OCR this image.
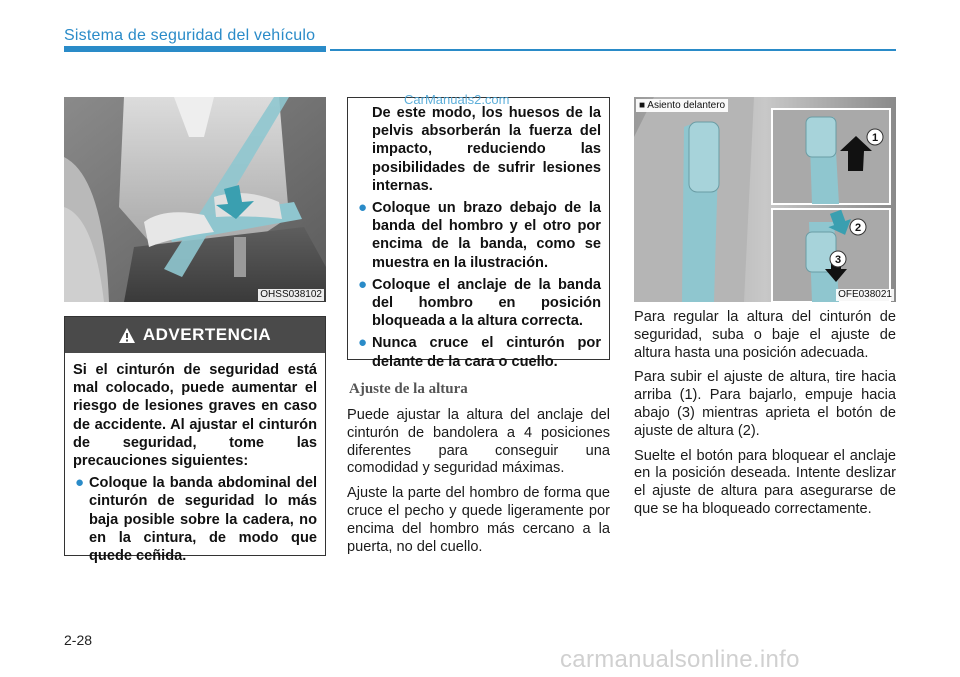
Sistema de seguridad del vehículo
OHSS038102
ADVERTENCIA

Si el cinturón de seguridad está mal colocado, puede aumentar el riesgo de lesiones graves en caso de accidente. Al ajustar el cinturón de seguridad, tome las precauciones siguientes:

● Coloque la banda abdominal del cinturón de seguridad lo más baja posible sobre la cadera, no en la cintura, de modo que quede ceñida.

De este modo, los huesos de la pelvis absorberán la fuerza del impacto, reduciendo las posibilidades de sufrir lesiones internas.

● Coloque un brazo debajo de la banda del hombro y el otro por encima de la banda, como se muestra en la ilustración.

● Coloque el anclaje de la banda del hombro en posición bloqueada a la altura correcta.

● Nunca cruce el cinturón por delante de la cara o cuello.

Ajuste de la altura

Puede ajustar la altura del anclaje del cinturón de bandolera a 4 posiciones diferentes para conseguir una comodidad y seguridad máximas.

Ajuste la parte del hombro de forma que cruce el pecho y quede ligeramente por encima del hombro más cercano a la puerta, no del cuello.

1
2
3
■ Asiento delantero
OFE038021

Para regular la altura del cinturón de seguridad, suba o baje el ajuste de altura hasta una posición adecuada.

Para subir el ajuste de altura, tire hacia arriba (1). Para bajarlo, empuje hacia abajo (3) mientras aprieta el botón de ajuste de altura (2).

Suelte el botón para bloquear el anclaje en la posición deseada. Intente deslizar el ajuste de altura para asegurarse de que se ha bloqueado correctamente.

2-28
CarManuals2.com
carmanualsonline.info
